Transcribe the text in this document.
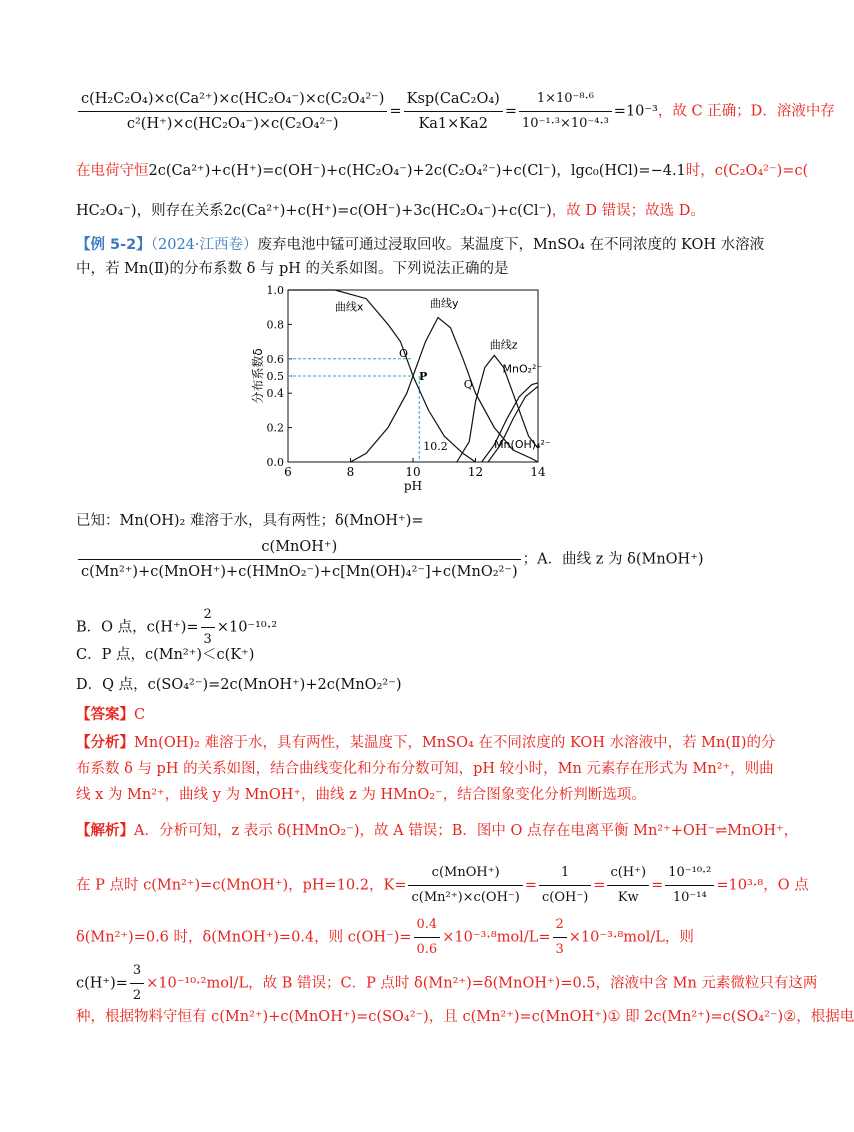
$\frac{\text{c(H₂C₂O₄)×c(Ca²⁺)×c(HC₂O₄⁻)×c(C₂O₄²⁻)}}{\text{c²(H⁺)×c(HC₂O₄⁻)×c(C₂O₄²⁻)}} = \frac{\text{Ksp(CaC₂O₄)}}{Ka1\times Ka2} = \frac{\text{1×10⁻⁸·⁶}}{\text{10⁻¹·³×10⁻⁴·³}} =10^{-3}$，故 C 正确；D．溶液中存
在电荷守恒2c(Ca²⁺)+c(H⁺)=c(OH⁻)+c(HC₂O₄⁻)+2c(C₂O₄²⁻)+c(Cl⁻)，lgc₀(HCl)=−4.1时，c(C₂O₄²⁻)=c(
HC₂O₄⁻)，则存在关系2c(Ca²⁺)+c(H⁺)=c(OH⁻)+3c(HC₂O₄⁻)+c(Cl⁻)，故 D 错误；故选 D。
【例 5-2】（2024·江西卷）废弃电池中锰可通过浸取回收。某温度下，MnSO₄ 在不同浓度的 KOH 水溶液
中，若 Mn(Ⅱ)的分布系数 δ 与 pH 的关系如图。下列说法正确的是
6	8	10	12	14
0.0
0.2
0.4
0.5
0.6
0.8
1.0
pH
分布系数δ
曲线x	曲线y
曲线z
MnO₂²⁻
Mn(OH)₄²⁻
O
P
Q
10.2
已知：Mn(OH)₂ 难溶于水，具有两性；δ(MnOH⁺)=
$\frac{\text{c(MnOH⁺)}}{\text{c(Mn²⁺)+c(MnOH⁺)+c(HMnO₂⁻)+c[Mn(OH)₄²⁻]+c(MnO₂²⁻)}}$ ；A．曲线 z 为 δ(MnOH⁺)
B．O 点，$c(H^+)= \frac{2}{3} \times 10^{-10}\cdot^2$
C．P 点，c(Mn²⁺)＜c(K⁺)
D．Q 点，c(SO₄²⁻)=2c(MnOH⁺)+2c(MnO₂²⁻)
【答案】C
【分析】Mn(OH)₂ 难溶于水，具有两性，某温度下，MnSO₄ 在不同浓度的 KOH 水溶液中，若 Mn(Ⅱ)的分
布系数 δ 与 pH 的关系如图，结合曲线变化和分布分数可知，pH 较小时，Mn 元素存在形式为 Mn²⁺，则曲
线 x 为 Mn²⁺，曲线 y 为 MnOH⁺，曲线 z 为 HMnO₂⁻，结合图象变化分析判断选项。
【解析】A．分析可知，z 表示 δ(HMnO₂⁻)，故 A 错误；B．图中 O 点存在电离平衡 Mn²⁺+OH⁻⇌MnOH⁺，
在 P 点时 c(Mn²⁺)=c(MnOH⁺)，pH=10.2，$K= \frac{\text{c(MnOH⁺)}}{\text{c(Mn²⁺)×c(OH⁻)}} = \frac{1}{c(OH^-)} = \frac{c(H^+)}{Kw} = \frac{\text{10⁻¹⁰·²}}{\text{10⁻¹⁴}} =10^3\cdot^8$，O 点
δ(Mn²⁺)=0.6 时，δ(MnOH⁺)=0.4，则 $c(OH^-)= \frac{0.4}{0.6} \times 10^{-3}\cdot^8mol/L= \frac{2}{3} \times 10^{-3}\cdot^8mol/L$，则
$c(H^+)= \frac{3}{2} \times 10^{-10}\cdot^2mol/L$，故 B 错误；C．P 点时 δ(Mn²⁺)=δ(MnOH⁺)=0.5，溶液中含 Mn 元素微粒只有这两
种，根据物料守恒有 c(Mn²⁺)+c(MnOH⁺)=c(SO₄²⁻)，且 c(Mn²⁺)=c(MnOH⁺)① 即 2c(Mn²⁺)=c(SO₄²⁻)②，根据电
